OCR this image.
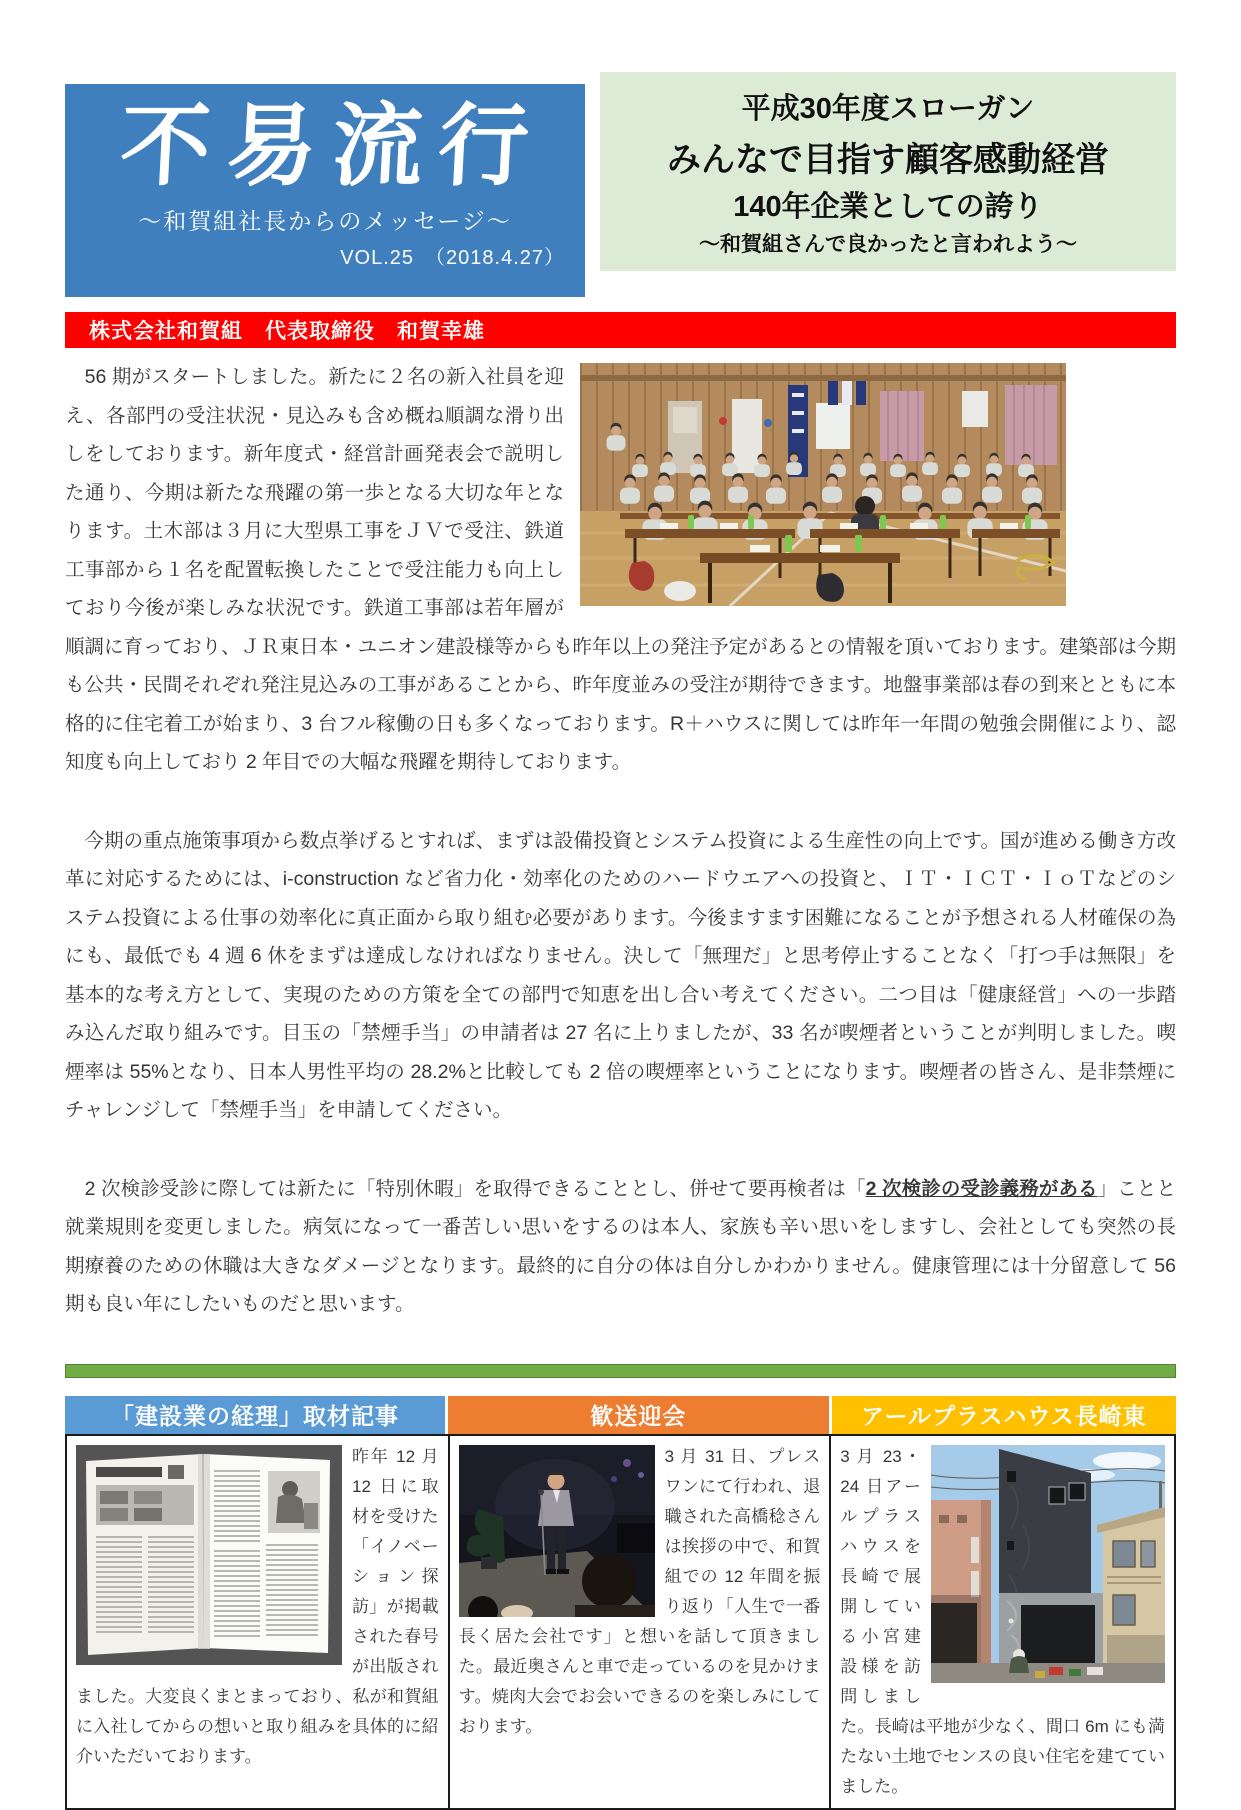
不易流行
～和賀組社長からのメッセージ～
VOL.25　（2018.4.27）
平成30年度スローガン
みんなで目指す顧客感動経営
140年企業としての誇り
～和賀組さんで良かったと言われよう～
株式会社和賀組　代表取締役　和賀幸雄

　56 期がスタートしました。新たに２名の新入社員を迎え、各部門の受注状況・見込みも含め概ね順調な滑り出しをしております。新年度式・経営計画発表会で説明した通り、今期は新たな飛躍の第一歩となる大切な年となります。土木部は３月に大型県工事をＪＶで受注、鉄道工事部から１名を配置転換したことで受注能力も向上しており今後が楽しみな状況です。鉄道工事部は若年層が順調に育っており、ＪＲ東日本・ユニオン建設様等からも昨年以上の発注予定があるとの情報を頂いております。建築部は今期も公共・民間それぞれ発注見込みの工事があることから、昨年度並みの受注が期待できます。地盤事業部は春の到来とともに本格的に住宅着工が始まり、3 台フル稼働の日も多くなっております。R＋ハウスに関しては昨年一年間の勉強会開催により、認知度も向上しており 2 年目での大幅な飛躍を期待しております。

　今期の重点施策事項から数点挙げるとすれば、まずは設備投資とシステム投資による生産性の向上です。国が進める働き方改革に対応するためには、i-construction など省力化・効率化のためのハードウエアへの投資と、ＩＴ・ＩＣＴ・ＩｏＴなどのシステム投資による仕事の効率化に真正面から取り組む必要があります。今後ますます困難になることが予想される人材確保の為にも、最低でも 4 週 6 休をまずは達成しなければなりません。決して「無理だ」と思考停止することなく「打つ手は無限」を基本的な考え方として、実現のための方策を全ての部門で知恵を出し合い考えてください。二つ目は「健康経営」への一歩踏み込んだ取り組みです。目玉の「禁煙手当」の申請者は 27 名に上りましたが、33 名が喫煙者ということが判明しました。喫煙率は 55%となり、日本人男性平均の 28.2%と比較しても 2 倍の喫煙率ということになります。喫煙者の皆さん、是非禁煙にチャレンジして「禁煙手当」を申請してください。

　2 次検診受診に際しては新たに「特別休暇」を取得できることとし、併せて要再検者は「2 次検診の受診義務がある」ことと就業規則を変更しました。病気になって一番苦しい思いをするのは本人、家族も辛い思いをしますし、会社としても突然の長期療養のための休職は大きなダメージとなります。最終的に自分の体は自分しかわかりません。健康管理には十分留意して 56 期も良い年にしたいものだと思います。

「建設業の経理」取材記事	歓送迎会	アールプラスハウス長崎東
昨年 12 月 12 日に取材を受けた「イノベーション探訪」が掲載された春号が出版されました。大変良くまとまっており、私が和賀組に入社してからの想いと取り組みを具体的に紹介いただいております。
3 月 31 日、プレスワンにて行われ、退職された高橋稔さんは挨拶の中で、和賀組での 12 年間を振り返り「人生で一番長く居た会社です」と想いを話して頂きました。最近奥さんと車で走っているのを見かけます。焼肉大会でお会いできるのを楽しみにしております。
3 月 23・24 日アールプラスハウスを長崎で展開している小宮建設様を訪問しました。長崎は平地が少なく、間口 6m にも満たない土地でセンスの良い住宅を建てていました。
